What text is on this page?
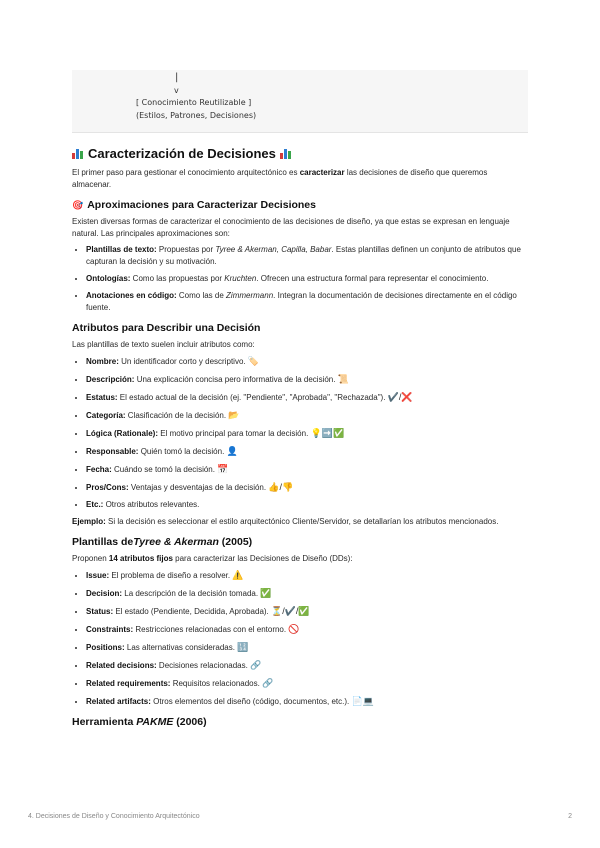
|
v
[ Conocimiento Reutilizable ]
(Estilos, Patrones, Decisiones)
Caracterización de Decisiones

El primer paso para gestionar el conocimiento arquitectónico es caracterizar las decisiones de diseño que queremos almacenar.

🎯 Aproximaciones para Caracterizar Decisiones

Existen diversas formas de caracterizar el conocimiento de las decisiones de diseño, ya que estas se expresan en lenguaje natural. Las principales aproximaciones son:

• Plantillas de texto: Propuestas por Tyree & Akerman, Capilla, Babar. Estas plantillas definen un conjunto de atributos que capturan la decisión y su motivación.
• Ontologías: Como las propuestas por Kruchten. Ofrecen una estructura formal para representar el conocimiento.
• Anotaciones en código: Como las de Zimmermann. Integran la documentación de decisiones directamente en el código fuente.
Atributos para Describir una Decisión

Las plantillas de texto suelen incluir atributos como:

• Nombre: Un identificador corto y descriptivo. 🏷️
• Descripción: Una explicación concisa pero informativa de la decisión. 📜
• Estatus: El estado actual de la decisión (ej. "Pendiente", "Aprobada", "Rechazada"). ✔️/❌
• Categoría: Clasificación de la decisión. 📂
• Lógica (Rationale): El motivo principal para tomar la decisión. 💡➡️✅
• Responsable: Quién tomó la decisión. 👤
• Fecha: Cuándo se tomó la decisión. 📅
• Pros/Cons: Ventajas y desventajas de la decisión. 👍/👎
• Etc.: Otros atributos relevantes.

Ejemplo: Si la decisión es seleccionar el estilo arquitectónico Cliente/Servidor, se detallarían los atributos mencionados.

Plantillas de Tyree & Akerman (2005)

Proponen 14 atributos fijos para caracterizar las Decisiones de Diseño (DDs):

• Issue: El problema de diseño a resolver. ⚠️
• Decision: La descripción de la decisión tomada. ✅
• Status: El estado (Pendiente, Decidida, Aprobada). ⏳/✔️/✅
• Constraints: Restricciones relacionadas con el entorno. 🚫
• Positions: Las alternativas consideradas. 🔢
• Related decisions: Decisiones relacionadas. 🔗
• Related requirements: Requisitos relacionados. 🔗
• Related artifacts: Otros elementos del diseño (código, documentos, etc.). 📄💻
Herramienta PAKME (2006)
4. Decisiones de Diseño y Conocimiento Arquitectónico	2
